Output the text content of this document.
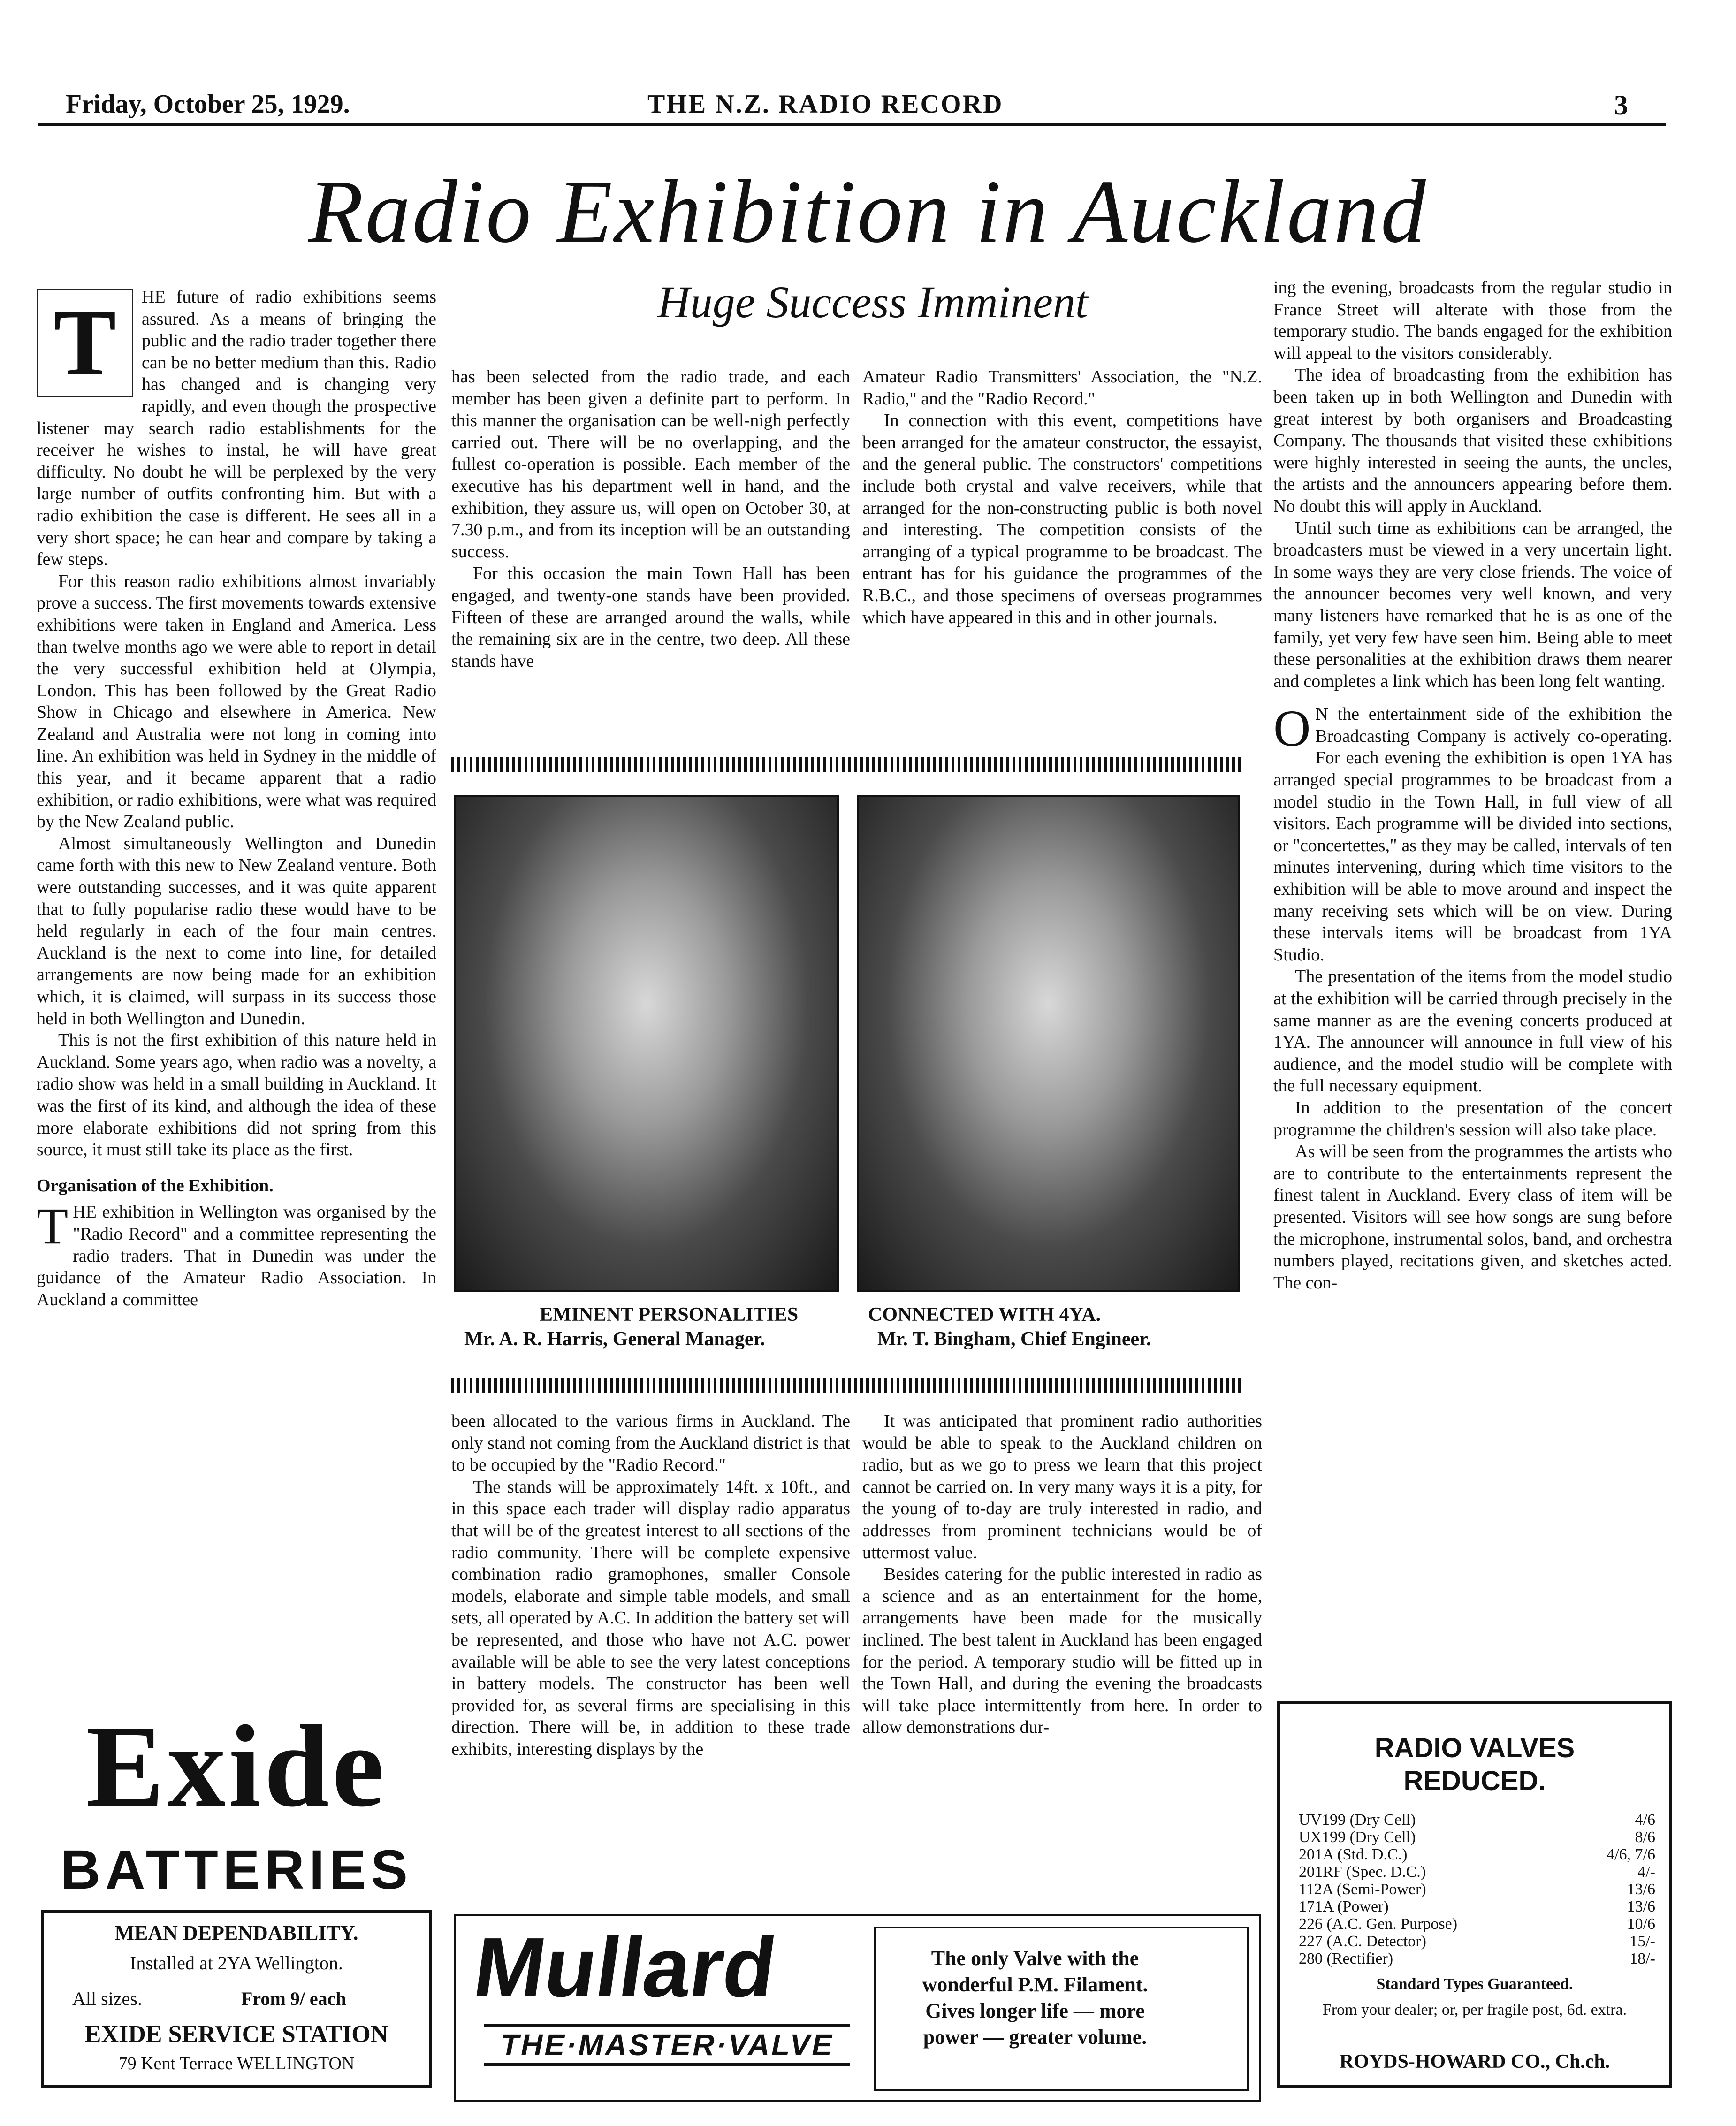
Friday, October 25, 1929.	THE N.Z. RADIO RECORD	3
Radio Exhibition in Auckland
Huge Success Imminent
T	HE future of radio exhibitions seems assured. As a means of bringing the public and the radio trader together there can be no better medium than this. Radio has changed and is changing very rapidly, and even though the prospective listener may search radio establishments for the receiver he wishes to instal, he will have great difficulty. No doubt he will be perplexed by the very large number of outfits confronting him. But with a radio exhibition the case is different. He sees all in a very short space; he can hear and compare by taking a few steps.

For this reason radio exhibitions almost invariably prove a success. The first movements towards extensive exhibitions were taken in England and America. Less than twelve months ago we were able to report in detail the very successful exhibition held at Olympia, London. This has been followed by the Great Radio Show in Chicago and elsewhere in America. New Zealand and Australia were not long in coming into line. An exhibition was held in Sydney in the middle of this year, and it became apparent that a radio exhibition, or radio exhibitions, were what was required by the New Zealand public.

Almost simultaneously Wellington and Dunedin came forth with this new to New Zealand venture. Both were outstanding successes, and it was quite apparent that to fully popularise radio these would have to be held regularly in each of the four main centres. Auckland is the next to come into line, for detailed arrangements are now being made for an exhibition which, it is claimed, will surpass in its success those held in both Wellington and Dunedin.

This is not the first exhibition of this nature held in Auckland. Some years ago, when radio was a novelty, a radio show was held in a small building in Auckland. It was the first of its kind, and although the idea of these more elaborate exhibitions did not spring from this source, it must still take its place as the first.

Organisation of the Exhibition.

THE exhibition in Wellington was organised by the "Radio Record" and a committee representing the radio traders. That in Dunedin was under the guidance of the Amateur Radio Association. In Auckland a committee

has been selected from the radio trade, and each member has been given a definite part to perform. In this manner the organisation can be well-nigh perfectly carried out. There will be no overlapping, and the fullest co-operation is possible. Each member of the executive has his department well in hand, and the exhibition, they assure us, will open on October 30, at 7.30 p.m., and from its inception will be an outstanding success.

For this occasion the main Town Hall has been engaged, and twenty-one stands have been provided. Fifteen of these are arranged around the walls, while the remaining six are in the centre, two deep. All these stands have

Amateur Radio Transmitters' Association, the "N.Z. Radio," and the "Radio Record."

In connection with this event, competitions have been arranged for the amateur constructor, the essayist, and the general public. The constructors' competitions include both crystal and valve receivers, while that arranged for the non-constructing public is both novel and interesting. The competition consists of the arranging of a typical programme to be broadcast. The entrant has for his guidance the programmes of the R.B.C., and those specimens of overseas programmes which have appeared in this and in other journals.

EMINENT PERSONALITIES	CONNECTED WITH 4YA.
Mr. A. R. Harris, General Manager.	Mr. T. Bingham, Chief Engineer.

been allocated to the various firms in Auckland. The only stand not coming from the Auckland district is that to be occupied by the "Radio Record."

The stands will be approximately 14ft. x 10ft., and in this space each trader will display radio apparatus that will be of the greatest interest to all sections of the radio community. There will be complete expensive combination radio gramophones, smaller Console models, elaborate and simple table models, and small sets, all operated by A.C. In addition the battery set will be represented, and those who have not A.C. power available will be able to see the very latest conceptions in battery models. The constructor has been well provided for, as several firms are specialising in this direction. There will be, in addition to these trade exhibits, interesting displays by the

It was anticipated that prominent radio authorities would be able to speak to the Auckland children on radio, but as we go to press we learn that this project cannot be carried on. In very many ways it is a pity, for the young of to-day are truly interested in radio, and addresses from prominent technicians would be of uttermost value.

Besides catering for the public interested in radio as a science and as an entertainment for the home, arrangements have been made for the musically inclined. The best talent in Auckland has been engaged for the period. A temporary studio will be fitted up in the Town Hall, and during the evening the broadcasts will take place intermittently from here. In order to allow demonstrations dur-

ing the evening, broadcasts from the regular studio in France Street will alterate with those from the temporary studio. The bands engaged for the exhibition will appeal to the visitors considerably.

The idea of broadcasting from the exhibition has been taken up in both Wellington and Dunedin with great interest by both organisers and Broadcasting Company. The thousands that visited these exhibitions were highly interested in seeing the aunts, the uncles, the artists and the announcers appearing before them. No doubt this will apply in Auckland.

Until such time as exhibitions can be arranged, the broadcasters must be viewed in a very uncertain light. In some ways they are very close friends. The voice of the announcer becomes very well known, and very many listeners have remarked that he is as one of the family, yet very few have seen him. Being able to meet these personalities at the exhibition draws them nearer and completes a link which has been long felt wanting.

O N the entertainment side of the exhibition the Broadcasting Company is actively co-operating. For each evening the exhibition is open 1YA has arranged special programmes to be broadcast from a model studio in the Town Hall, in full view of all visitors. Each programme will be divided into sections, or "concertettes," as they may be called, intervals of ten minutes intervening, during which time visitors to the exhibition will be able to move around and inspect the many receiving sets which will be on view. During these intervals items will be broadcast from 1YA Studio.

The presentation of the items from the model studio at the exhibition will be carried through precisely in the same manner as are the evening concerts produced at 1YA. The announcer will announce in full view of his audience, and the model studio will be complete with the full necessary equipment.

In addition to the presentation of the concert programme the children's session will also take place.

As will be seen from the programmes the artists who are to contribute to the entertainments represent the finest talent in Auckland. Every class of item will be presented. Visitors will see how songs are sung before the microphone, instrumental solos, band, and orchestra numbers played, recitations given, and sketches acted. The con-

Exide
BATTERIES
MEAN DEPENDABILITY.
Installed at 2YA Wellington.
All sizes.	From 9/ each
EXIDE SERVICE STATION
79 Kent Terrace WELLINGTON
Mullard
THE·MASTER·VALVE
The only Valve with the wonderful P.M. Filament. Gives longer life — more power — greater volume.
RADIO VALVES
REDUCED.
UV199 (Dry Cell)	4/6
UX199 (Dry Cell)	8/6
201A (Std. D.C.)	4/6, 7/6
201RF (Spec. D.C.)	4/-
112A (Semi-Power)	13/6
171A (Power)	13/6
226 (A.C. Gen. Purpose)	10/6
227 (A.C. Detector)	15/-
280 (Rectifier)	18/-
Standard Types Guaranteed.
From your dealer; or, per fragile post, 6d. extra.
ROYDS-HOWARD CO., Ch.ch.
